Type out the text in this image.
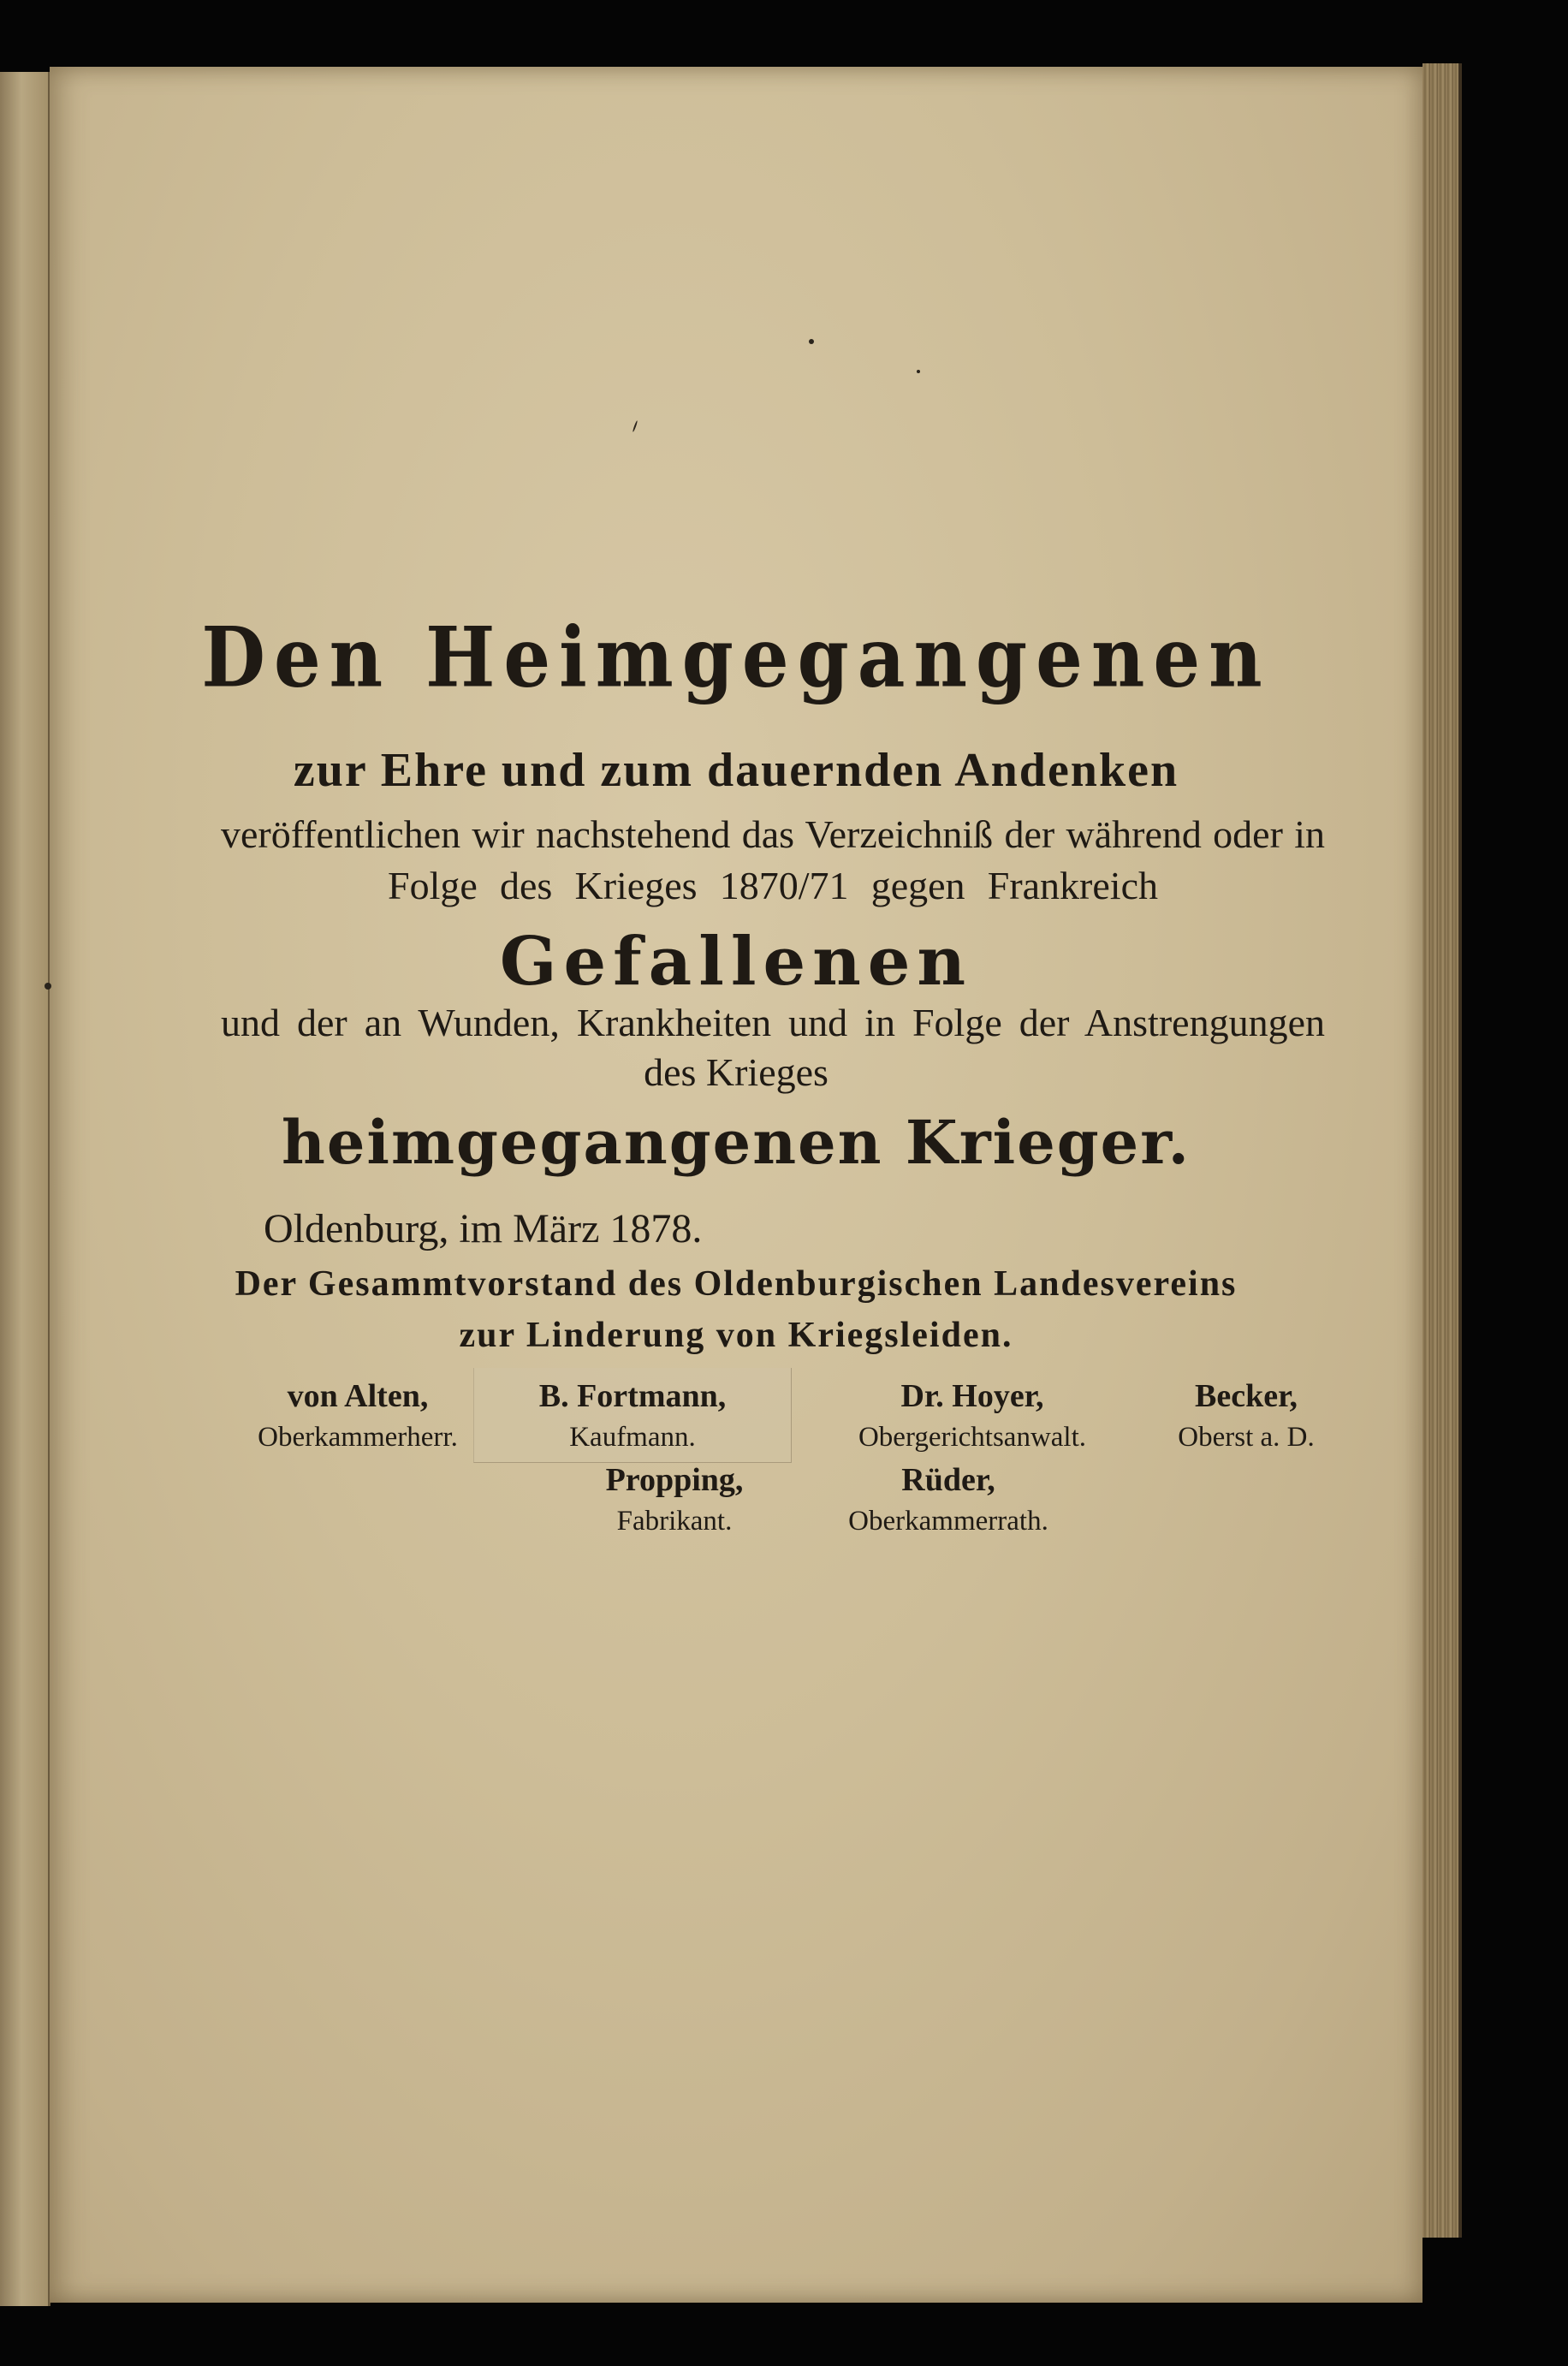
Den Heimgegangenen
zur Ehre und zum dauernden Andenken
veröffentlichen wir nachstehend das Verzeichniß der während oder in
Folge des Krieges 1870/71 gegen Frankreich
Gefallenen
und der an Wunden, Krankheiten und in Folge der Anstrengungen
des Krieges
heimgegangenen Krieger.
Oldenburg, im März 1878.
Der Gesammtvorstand des Oldenburgischen Landesvereins
zur Linderung von Kriegsleiden.
von Alten,
Oberkammerherr.
B. Fortmann,
Kaufmann.
Dr. Hoyer,
Obergerichtsanwalt.
Becker,
Oberst a. D.
Propping,
Fabrikant.
Rüder,
Oberkammerrath.
